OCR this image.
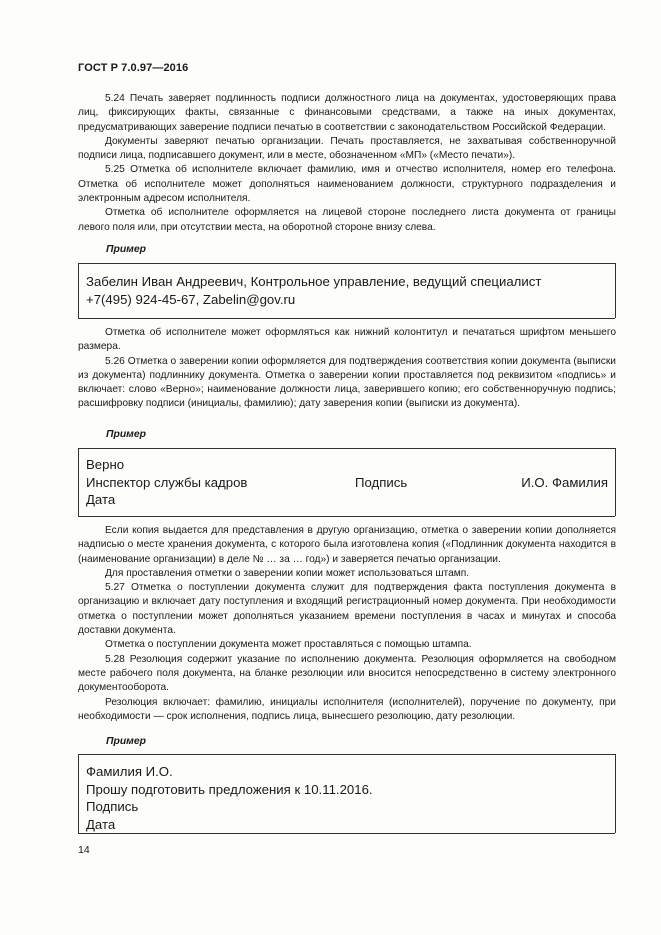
ГОСТ Р 7.0.97—2016

5.24 Печать заверяет подлинность подписи должностного лица на документах, удостоверяющих права лиц, фиксирующих факты, связанные с финансовыми средствами, а также на иных документах, предусматривающих заверение подписи печатью в соответствии с законодательством Российской Федерации.

Документы заверяют печатью организации. Печать проставляется, не захватывая собственноручной подписи лица, подписавшего документ, или в месте, обозначенном «МП» («Место печати»).

5.25 Отметка об исполнителе включает фамилию, имя и отчество исполнителя, номер его телефона. Отметка об исполнителе может дополняться наименованием должности, структурного подразделения и электронным адресом исполнителя.

Отметка об исполнителе оформляется на лицевой стороне последнего листа документа от границы левого поля или, при отсутствии места, на оборотной стороне внизу слева.

Пример
Забелин Иван Андреевич, Контрольное управление, ведущий специалист
+7(495) 924-45-67, Zabelin@gov.ru

Отметка об исполнителе может оформляться как нижний колонтитул и печататься шрифтом меньшего размера.

5.26 Отметка о заверении копии оформляется для подтверждения соответствия копии документа (выписки из документа) подлиннику документа. Отметка о заверении копии проставляется под реквизитом «подпись» и включает: слово «Верно»; наименование должности лица, заверившего копию; его собственноручную подпись; расшифровку подписи (инициалы, фамилию); дату заверения копии (выписки из документа).

Пример
Верно
Инспектор службы кадров	Подпись	И.О. Фамилия
Дата

Если копия выдается для представления в другую организацию, отметка о заверении копии дополняется надписью о месте хранения документа, с которого была изготовлена копия («Подлинник документа находится в (наименование организации) в деле № … за … год») и заверяется печатью организации.

Для проставления отметки о заверении копии может использоваться штамп.

5.27 Отметка о поступлении документа служит для подтверждения факта поступления документа в организацию и включает дату поступления и входящий регистрационный номер документа. При необходимости отметка о поступлении может дополняться указанием времени поступления в часах и минутах и способа доставки документа.

Отметка о поступлении документа может проставляться с помощью штампа.

5.28 Резолюция содержит указание по исполнению документа. Резолюция оформляется на свободном месте рабочего поля документа, на бланке резолюции или вносится непосредственно в систему электронного документооборота.

Резолюция включает: фамилию, инициалы исполнителя (исполнителей), поручение по документу, при необходимости — срок исполнения, подпись лица, вынесшего резолюцию, дату резолюции.

Пример
Фамилия И.О.
Прошу подготовить предложения к 10.11.2016.
Подпись
Дата
14
